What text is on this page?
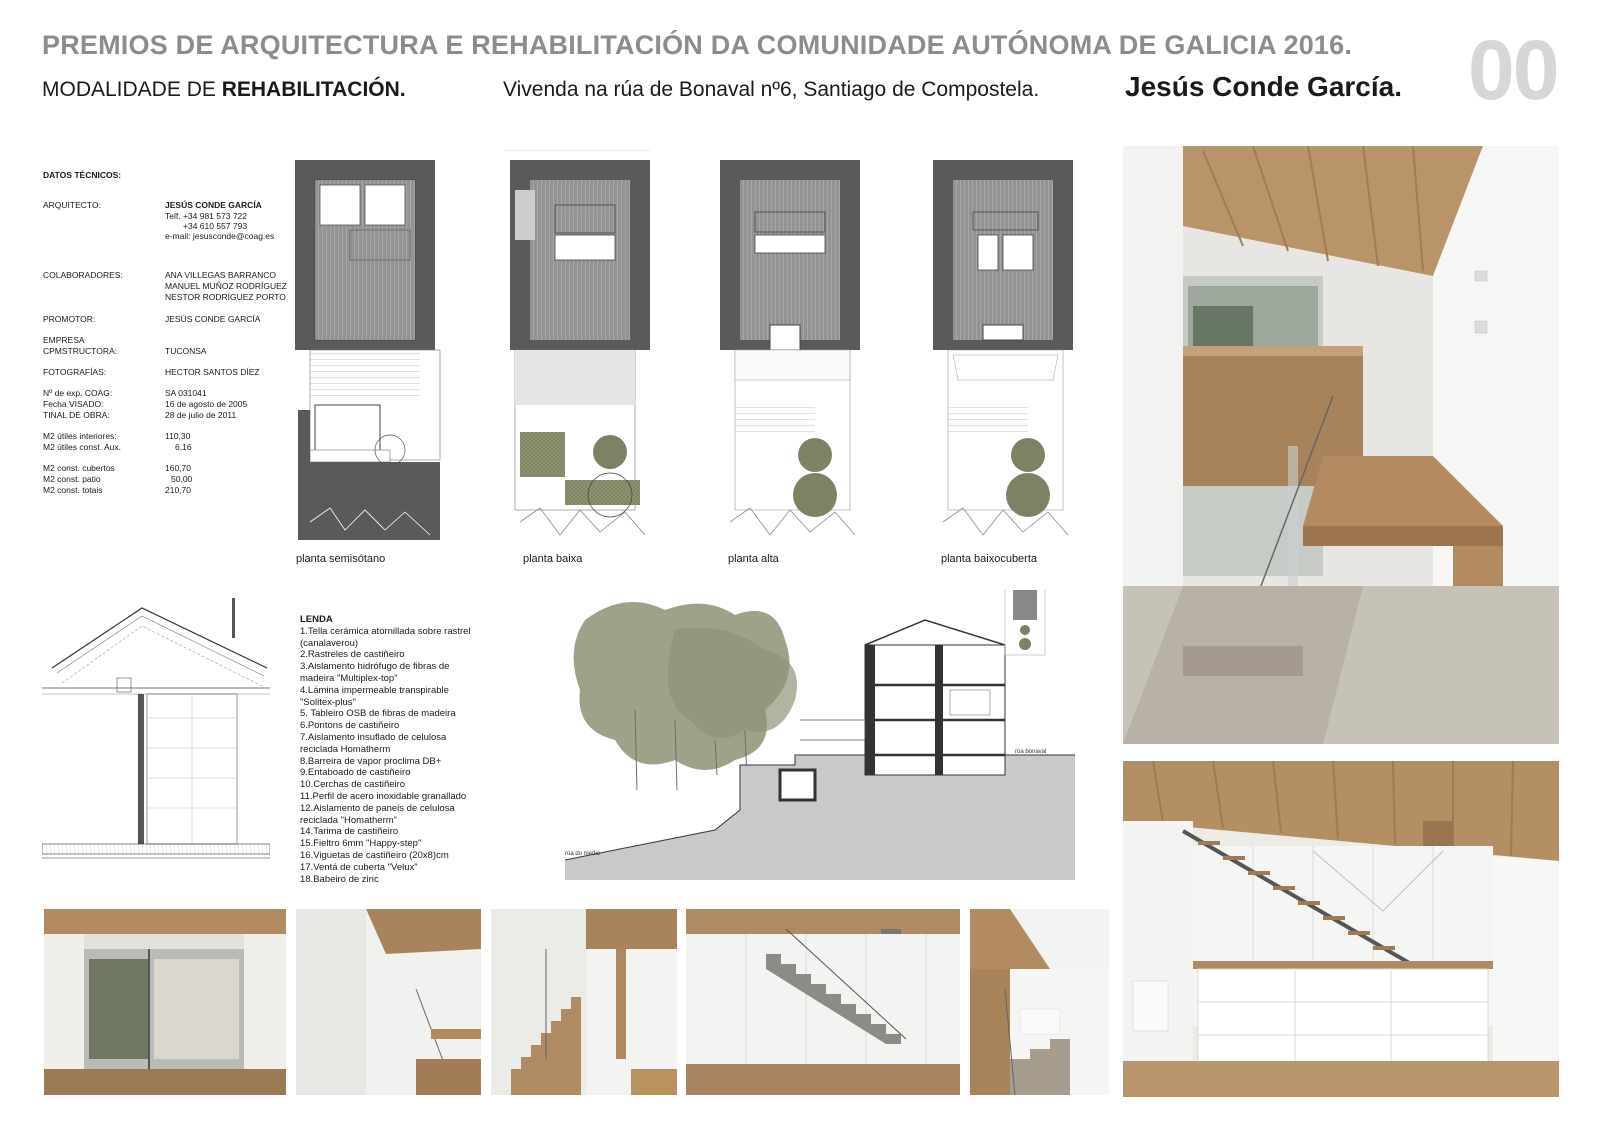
PREMIOS DE ARQUITECTURA E REHABILITACIÓN DA COMUNIDADE AUTÓNOMA DE GALICIA 2016. 00
MODALIDADE DE REHABILITACIÓN.	Vivenda na rúa de Bonaval nº6, Santiago de Compostela.	Jesús Conde García.
DATOS TÉCNICOS:
ARQUITECTO:	JESÚS CONDE GARCÍA
Telf. +34 981 573 722
+34 610 557 793
e-mail: jesusconde@coag.es
COLABORADORES:	ANA VILLEGAS BARRANCO
MANUEL MUÑOZ RODRÍGUEZ
NESTOR RODRÍGUEZ PORTO
PROMOTOR:	JESÚS CONDE GARCÍA
EMPRESA
CPMSTRUCTORA:	TUCONSA
FOTOGRAFÍAS:	HECTOR SANTOS DÍEZ
Nº de exp. COAG:	SA 031041
Fecha VISADO:	16 de agosto de 2005
TINAL DE OBRA:	28 de julio de 2011
M2 útiles interiores:	110,30
M2 útiles const. Aux.	6,16
M2 const. cubertos	160,70
M2 const. patio	50,00
M2 const. totais	210,70
planta semisótano	planta baixa	planta alta	planta baixocuberta
LENDA
1.Tella cerámica atornillada sobre rastrel
(canalaverou)
2.Rastreles de castiñeiro
3.Aislamento hidrófugo de fibras de
madeira "Multiplex-top"
4.Lámina impermeable transpirable
"Solitex-plus"
5. Tableiro OSB de fibras de madeira
6.Pontons de castiñeiro
7.Aislamento insuflado de celulosa
reciclada Homatherm
8.Barreira de vapor proclima DB+
9.Entaboado de castiñeiro
10.Cerchas de castiñeiro
11.Perfil de acero inoxidable granallado
12.Aislamento de paneis de celulosa
reciclada "Homatherm"
14.Tarima de castiñeiro
15.Fieltro 6mm "Happy-step"
16.Viguetas de castiñeiro (20x8)cm
17.Ventá de cuberta "Velux"
18.Babeiro de zinc
rúa bonaval
rúa do medio
